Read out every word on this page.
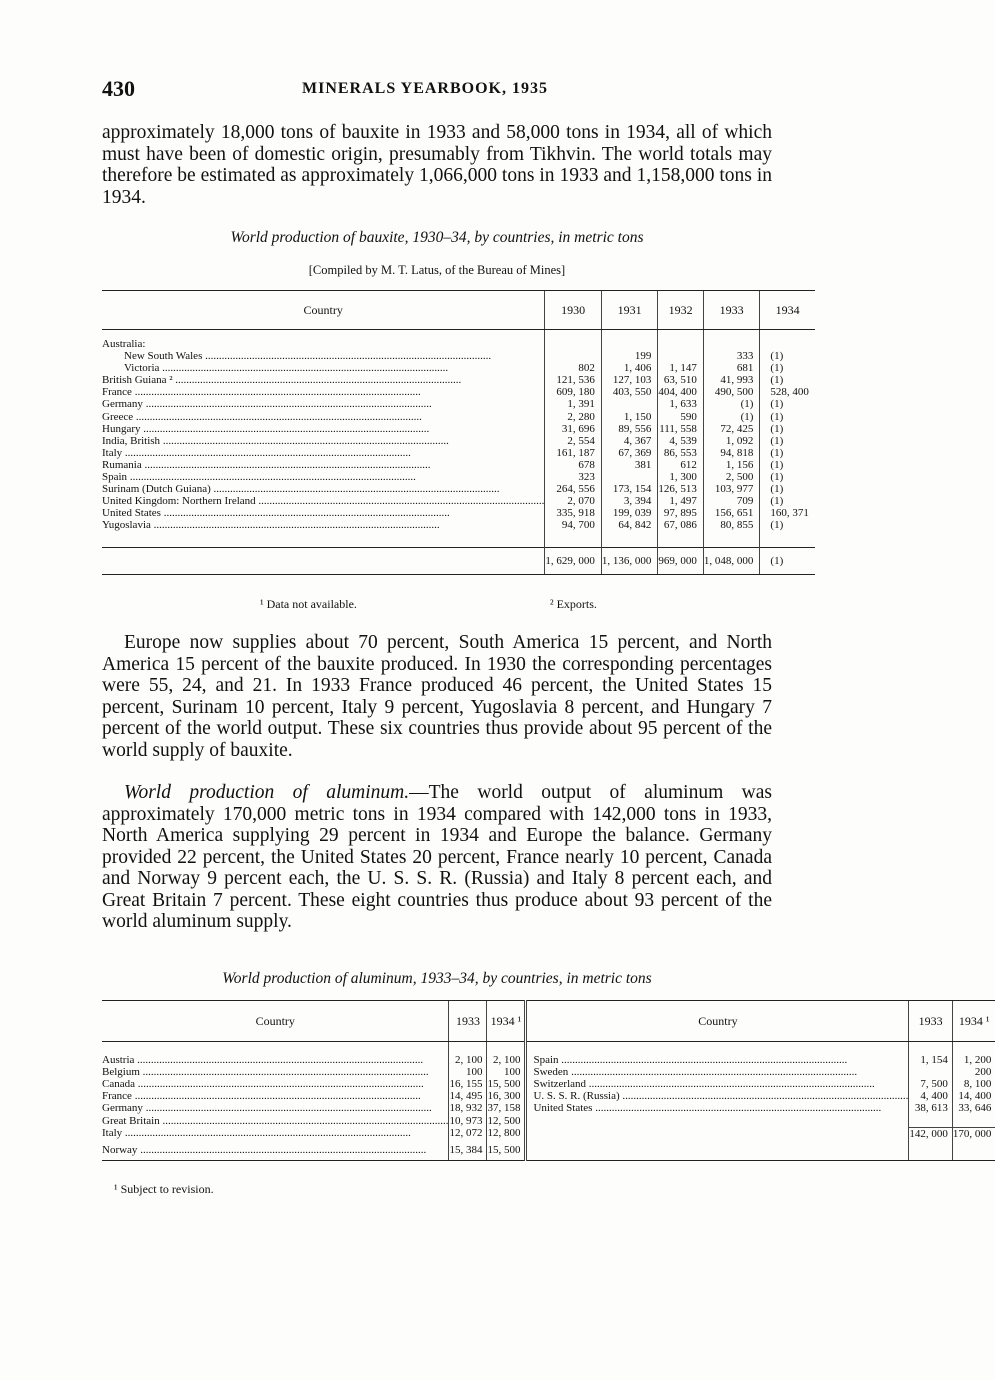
430	MINERALS YEARBOOK, 1935

approximately 18,000 tons of bauxite in 1933 and 58,000 tons in 1934, all of which must have been of domestic origin, presumably from Tikhvin. The world totals may therefore be estimated as approximately 1,066,000 tons in 1933 and 1,158,000 tons in 1934.

World production of bauxite, 1930–34, by countries, in metric tons
[Compiled by M. T. Latus, of the Bureau of Mines]
Country	1930	1931	1932	1933	1934
Australia:					
New South Wales .....		199		333	(1)
Victoria .....	802	1, 406	1, 147	681	(1)
British Guiana ² .....	121, 536	127, 103	63, 510	41, 993	(1)
France .....	609, 180	403, 550	404, 400	490, 500	528, 400
Germany .....	1, 391		1, 633	(1)	(1)
Greece .....	2, 280	1, 150	590	(1)	(1)
Hungary .....	31, 696	89, 556	111, 558	72, 425	(1)
India, British .....	2, 554	4, 367	4, 539	1, 092	(1)
Italy .....	161, 187	67, 369	86, 553	94, 818	(1)
Rumania .....	678	381	612	1, 156	(1)
Spain .....	323		1, 300	2, 500	(1)
Surinam (Dutch Guiana) .....	264, 556	173, 154	126, 513	103, 977	(1)
United Kingdom: Northern Ireland .....	2, 070	3, 394	1, 497	709	(1)
United States .....	335, 918	199, 039	97, 895	156, 651	160, 371
Yugoslavia .....	94, 700	64, 842	67, 086	80, 855	(1)

	1, 629, 000	1, 136, 000	969, 000	1, 048, 000	(1)
¹ Data not available.	² Exports.

Europe now supplies about 70 percent, South America 15 percent, and North America 15 percent of the bauxite produced. In 1930 the corresponding percentages were 55, 24, and 21. In 1933 France produced 46 percent, the United States 15 percent, Surinam 10 percent, Italy 9 percent, Yugoslavia 8 percent, and Hungary 7 percent of the world output. These six countries thus provide about 95 percent of the world supply of bauxite.

World production of aluminum.—The world output of aluminum was approximately 170,000 metric tons in 1934 compared with 142,000 tons in 1933, North America supplying 29 percent in 1934 and Europe the balance. Germany provided 22 percent, the United States 20 percent, France nearly 10 percent, Canada and Norway 9 percent each, the U. S. S. R. (Russia) and Italy 8 percent each, and Great Britain 7 percent. These eight countries thus produce about 93 percent of the world aluminum supply.

World production of aluminum, 1933–34, by countries, in metric tons
Country	1933	1934 ¹	Country	1933	1934 ¹

Austria .....	2, 100	2, 100	Spain .....	1, 154	1, 200
Belgium .....	100	100	Sweden .....		200
Canada .....	16, 155	15, 500	Switzerland .....	7, 500	8, 100
France .....	14, 495	16, 300	U. S. S. R. (Russia) .....	4, 400	14, 400
Germany .....	18, 932	37, 158	United States .....	38, 613	33, 646
Great Britain .....	10, 973	12, 500			
Italy .....	12, 072	12, 800		142, 000	170, 000
Norway .....	15, 384	15, 500			
¹ Subject to revision.
